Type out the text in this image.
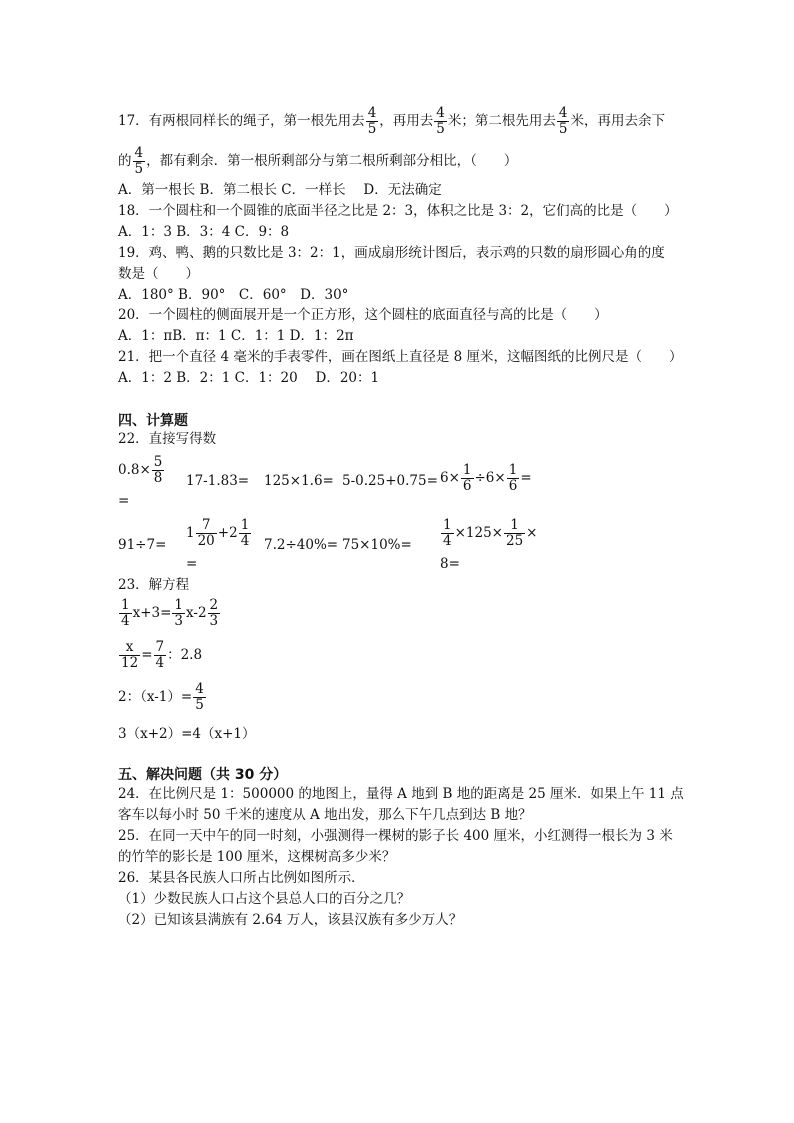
17．有两根同样长的绳子，第一根先用去 $\frac{4}{5}$ ，再用去 $\frac{4}{5}$ 米；第二根先用去 $\frac{4}{5}$ 米，再用去余下
的 $\frac{4}{5}$ ，都有剩余．第一根所剩部分与第二根所剩部分相比，（　　）
A．第一根长 B．第二根长 C．一样长　 D．无法确定
18．一个圆柱和一个圆锥的底面半径之比是 2：3，体积之比是 3：2，它们高的比是（　　）
A．1：3 B．3：4 C．9：8
19．鸡、鸭、鹅的只数比是 3：2：1，画成扇形统计图后，表示鸡的只数的扇形圆心角的度
数是（　　）
A．180° B．90°　C．60°　D．30°
20．一个圆柱的侧面展开是一个正方形，这个圆柱的底面直径与高的比是（　　）
A．1：πB．π：1 C．1：1 D．1：2π
21．把一个直径 4 毫米的手表零件，画在图纸上直径是 8 厘米，这幅图纸的比例尺是（　　）
A．1：2 B．2：1 C．1：20　 D．20：1
四、计算题
22．直接写得数
$0.8\times \frac{5}{8}$
=
$17-1.83= 125\times 1.6= 5-0.25+0.75= 6\times \frac{1}{6} \div 6\times \frac{1}{6}$ =
91÷7=
$1 \frac{7}{20} +2 \frac{1}{4}$
=
$7.2\div 40\%= 75\times 10\%= \frac{1}{4} \times 125\times \frac{1}{25}$ ×
8=
23．解方程
$\frac{1}{4} x+3= \frac{1}{3} x-2 \frac{2}{3}$
$\frac{x}{12} = \frac{7}{4}$ ：2.8
2：$(x-1)= \frac{4}{5}$
3（x+2）=4（x+1）
五、解决问题（共 30 分）
24．在比例尺是 1：500000 的地图上，量得 A 地到 B 地的距离是 25 厘米．如果上午 11 点
客车以每小时 50 千米的速度从 A 地出发，那么下午几点到达 B 地？
25．在同一天中午的同一时刻，小强测得一棵树的影子长 400 厘米，小红测得一根长为 3 米
的竹竿的影长是 100 厘米，这棵树高多少米？
26．某县各民族人口所占比例如图所示．
（1）少数民族人口占这个县总人口的百分之几？
（2）已知该县满族有 2.64 万人，该县汉族有多少万人？
